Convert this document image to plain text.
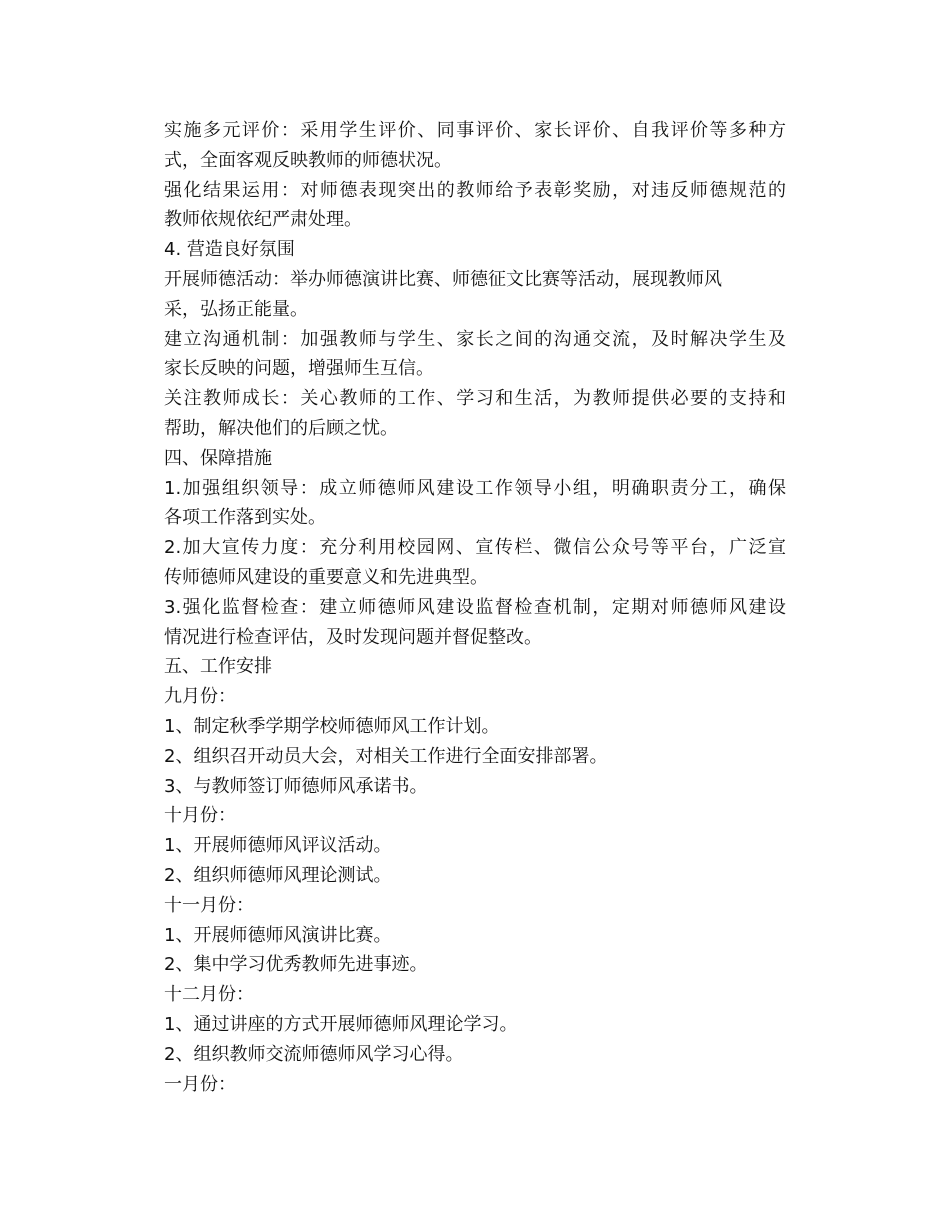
实施多元评价：采用学生评价、同事评价、家长评价、自我评价等多种方
式，全面客观反映教师的师德状况。
强化结果运用：对师德表现突出的教师给予表彰奖励，对违反师德规范的
教师依规依纪严肃处理。
4. 营造良好氛围
开展师德活动：举办师德演讲比赛、师德征文比赛等活动，展现教师风
采，弘扬正能量。
建立沟通机制：加强教师与学生、家长之间的沟通交流，及时解决学生及
家长反映的问题，增强师生互信。
关注教师成长：关心教师的工作、学习和生活，为教师提供必要的支持和
帮助，解决他们的后顾之忧。
四、保障措施
1.加强组织领导：成立师德师风建设工作领导小组，明确职责分工，确保
各项工作落到实处。
2.加大宣传力度：充分利用校园网、宣传栏、微信公众号等平台，广泛宣
传师德师风建设的重要意义和先进典型。
3.强化监督检查：建立师德师风建设监督检查机制，定期对师德师风建设
情况进行检查评估，及时发现问题并督促整改。
五、工作安排
九月份：
1、制定秋季学期学校师德师风工作计划。
2、组织召开动员大会，对相关工作进行全面安排部署。
3、与教师签订师德师风承诺书。
十月份：
1、开展师德师风评议活动。
2、组织师德师风理论测试。
十一月份：
1、开展师德师风演讲比赛。
2、集中学习优秀教师先进事迹。
十二月份：
1、通过讲座的方式开展师德师风理论学习。
2、组织教师交流师德师风学习心得。
一月份：
